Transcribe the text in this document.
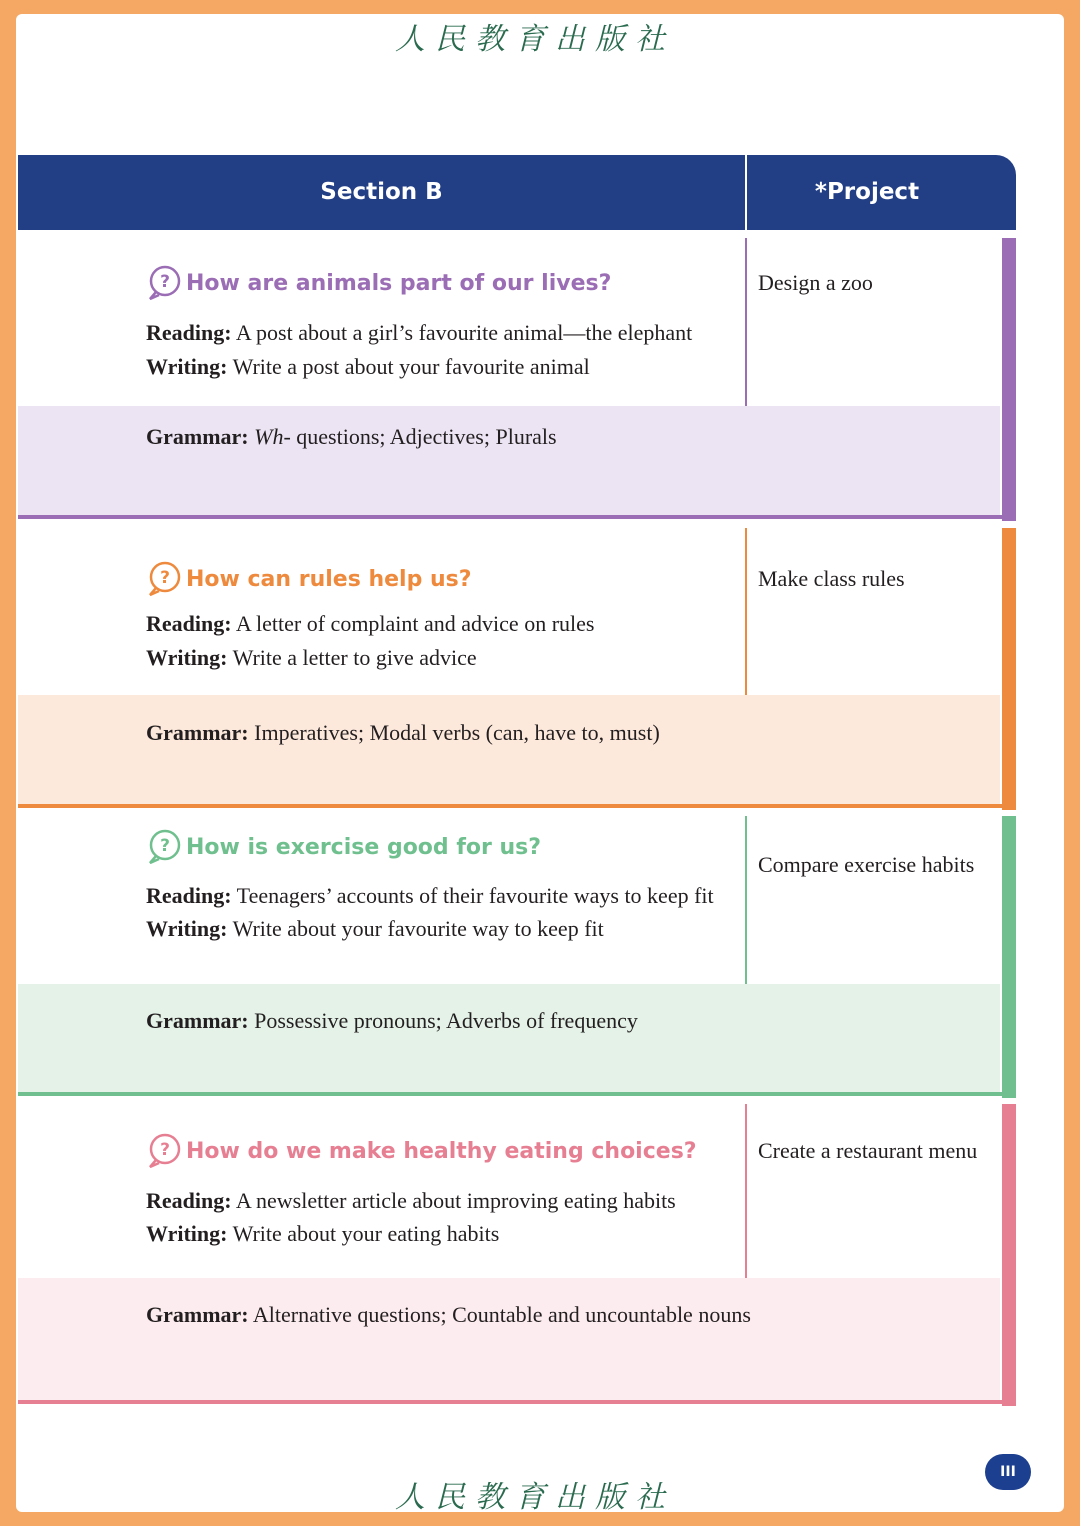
人民教育出版社
Section B	*Project
? How are animals part of our lives?
Reading: A post about a girl’s favourite animal—the elephant
Writing: Write a post about your favourite animal
Grammar: Wh- questions; Adjectives; Plurals
Design a zoo
? How can rules help us?
Reading: A letter of complaint and advice on rules
Writing: Write a letter to give advice
Grammar: Imperatives; Modal verbs (can, have to, must)
Make class rules
? How is exercise good for us?
Reading: Teenagers’ accounts of their favourite ways to keep fit
Writing: Write about your favourite way to keep fit
Grammar: Possessive pronouns; Adverbs of frequency
Compare exercise habits
? How do we make healthy eating choices?
Reading: A newsletter article about improving eating habits
Writing: Write about your eating habits
Grammar: Alternative questions; Countable and uncountable nouns
Create a restaurant menu
人民教育出版社
III
